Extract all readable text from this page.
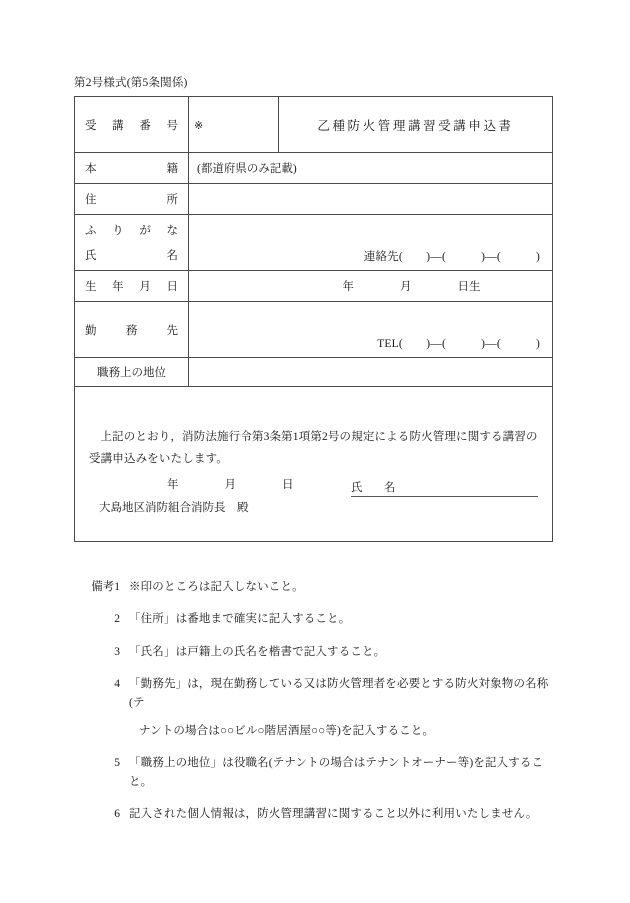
第2号様式(第5条関係)
受講番号	※	乙種防火管理講習受講申込書

本籍	(都道府県のみ記載)	

住所		

ふりがな
氏名	連絡先(　　)—(　　　)—(　　　)	

生年月日	年 月 日生	

勤務先	TEL(　　)—(　　　)—(　　　)	

職務上の地位		

上記のとおり，消防法施行令第3条第1項第2号の規定による防火管理に関する講習の受講申込みをいたします。

年　　　　月　　　　日

大島地区消防組合消防長　殿

氏　名		
備考1 ※印のところは記入しないこと。
2 「住所」は番地まで確実に記入すること。
3 「氏名」は戸籍上の氏名を楷書で記入すること。
4 「勤務先」は，現在勤務している又は防火管理者を必要とする防火対象物の名称(テ
ナントの場合は○○ビル○階居酒屋○○等)を記入すること。
5 「職務上の地位」は役職名(テナントの場合はテナントオーナー等)を記入すること。
6 記入された個人情報は，防火管理講習に関すること以外に利用いたしません。
